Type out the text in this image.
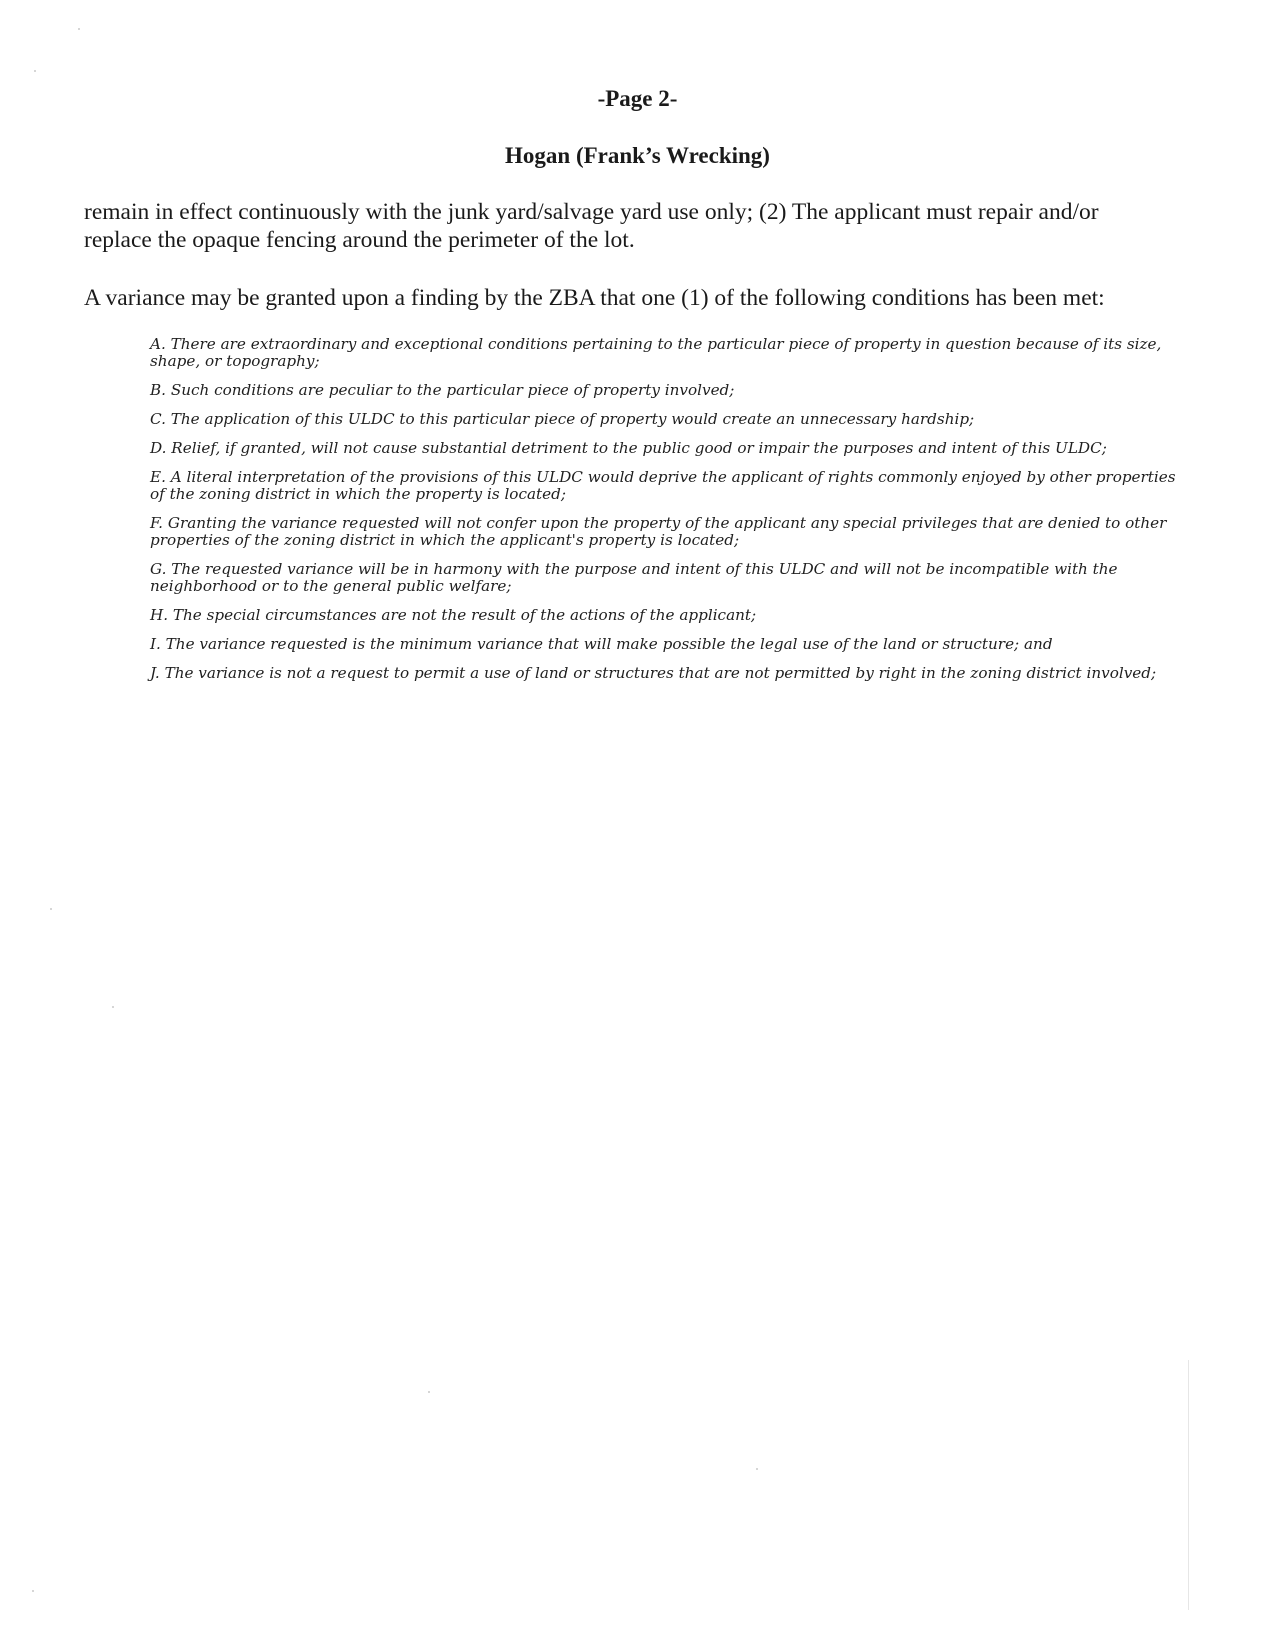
-Page 2-
Hogan (Frank’s Wrecking)

remain in effect continuously with the junk yard/salvage yard use only; (2) The applicant must repair and/or replace the opaque fencing around the perimeter of the lot.

A variance may be granted upon a finding by the ZBA that one (1) of the following conditions has been met:

A. There are extraordinary and exceptional conditions pertaining to the particular piece of property in question because of its size, shape, or topography;
B. Such conditions are peculiar to the particular piece of property involved;
C. The application of this ULDC to this particular piece of property would create an unnecessary hardship;
D. Relief, if granted, will not cause substantial detriment to the public good or impair the purposes and intent of this ULDC;
E. A literal interpretation of the provisions of this ULDC would deprive the applicant of rights commonly enjoyed by other properties of the zoning district in which the property is located;
F. Granting the variance requested will not confer upon the property of the applicant any special privileges that are denied to other properties of the zoning district in which the applicant's property is located;
G. The requested variance will be in harmony with the purpose and intent of this ULDC and will not be incompatible with the neighborhood or to the general public welfare;
H. The special circumstances are not the result of the actions of the applicant;
I. The variance requested is the minimum variance that will make possible the legal use of the land or structure; and
J. The variance is not a request to permit a use of land or structures that are not permitted by right in the zoning district involved;
